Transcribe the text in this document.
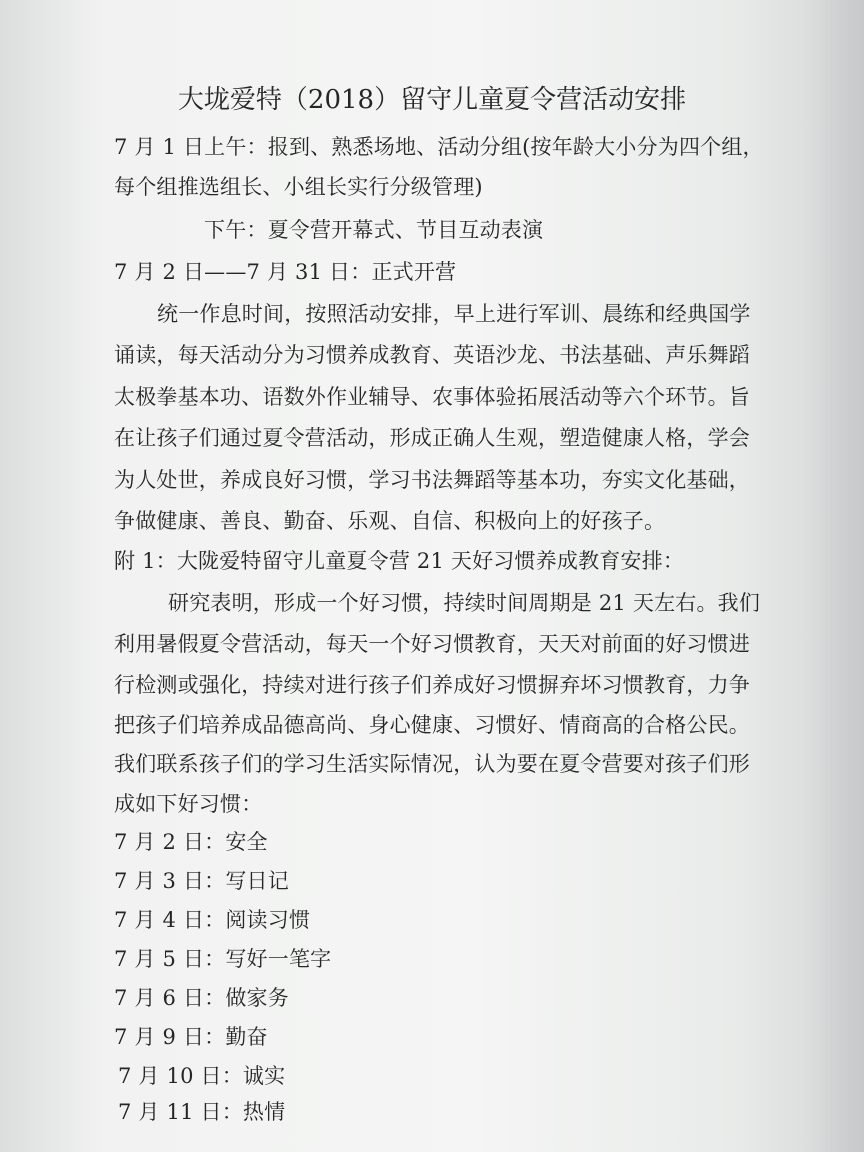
大垅爱特（2018）留守儿童夏令营活动安排
7 月 1 日上午：报到、熟悉场地、活动分组(按年龄大小分为四个组，
每个组推选组长、小组长实行分级管理)
下午：夏令营开幕式、节目互动表演
7 月 2 日——7 月 31 日：正式开营
统一作息时间，按照活动安排，早上进行军训、晨练和经典国学
诵读，每天活动分为习惯养成教育、英语沙龙、书法基础、声乐舞蹈
太极拳基本功、语数外作业辅导、农事体验拓展活动等六个环节。旨
在让孩子们通过夏令营活动，形成正确人生观，塑造健康人格，学会
为人处世，养成良好习惯，学习书法舞蹈等基本功，夯实文化基础，
争做健康、善良、勤奋、乐观、自信、积极向上的好孩子。
附 1：大陇爱特留守儿童夏令营 21 天好习惯养成教育安排：
研究表明，形成一个好习惯，持续时间周期是 21 天左右。我们
利用暑假夏令营活动，每天一个好习惯教育，天天对前面的好习惯进
行检测或强化，持续对进行孩子们养成好习惯摒弃坏习惯教育，力争
把孩子们培养成品德高尚、身心健康、习惯好、情商高的合格公民。
我们联系孩子们的学习生活实际情况，认为要在夏令营要对孩子们形
成如下好习惯：
7 月 2 日：安全
7 月 3 日：写日记
7 月 4 日：阅读习惯
7 月 5 日：写好一笔字
7 月 6 日：做家务
7 月 9 日：勤奋
7 月 10 日：诚实
7 月 11 日：热情
